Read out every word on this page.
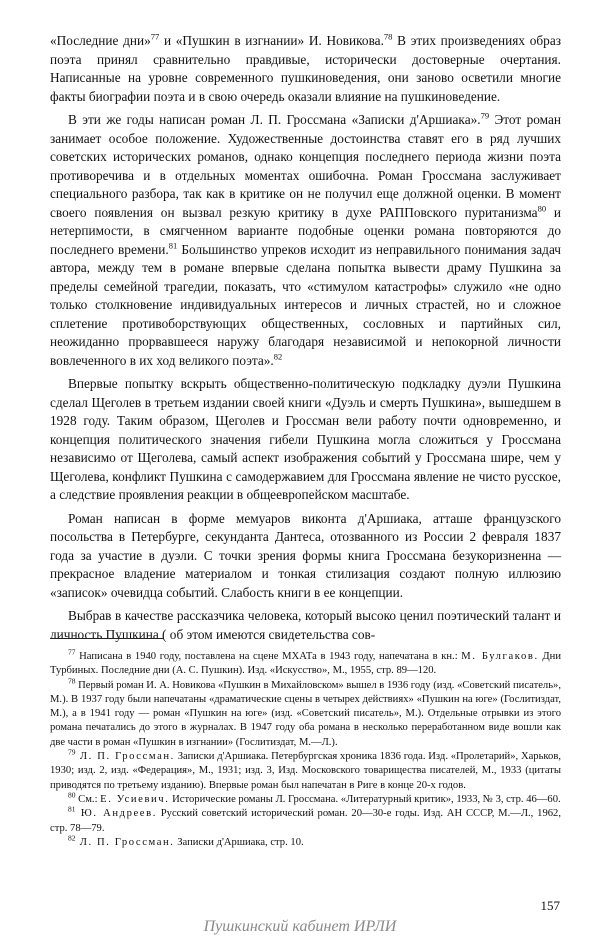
«Последние дни»$^{77}$ и «Пушкин в изгнании» И. Новикова.$^{78}$ В этих произведениях образ поэта принял сравнительно правдивые, исторически достоверные очертания. Написанные на уровне современного пушкиноведения, они заново осветили многие факты биографии поэта и в свою очередь оказали влияние на пушкиноведение.

В эти же годы написан роман Л. П. Гроссмана «Записки д'Аршиака».$^{79}$ Этот роман занимает особое положение. Художественные достоинства ставят его в ряд лучших советских исторических романов, однако концепция последнего периода жизни поэта противоречива и в отдельных моментах ошибочна. Роман Гроссмана заслуживает специального разбора, так как в критике он не получил еще должной оценки. В момент своего появления он вызвал резкую критику в духе РАППовского пуританизма$^{80}$ и нетерпимости, в смягченном варианте подобные оценки романа повторяются до последнего времени.$^{81}$ Большинство упреков исходит из неправильного понимания задач автора, между тем в романе впервые сделана попытка вывести драму Пушкина за пределы семейной трагедии, показать, что «стимулом катастрофы» служило «не одно только столкновение индивидуальных интересов и личных страстей, но и сложное сплетение противоборствующих общественных, сословных и партийных сил, неожиданно прорвавшееся наружу благодаря независимой и непокорной личности вовлеченного в их ход великого поэта».$^{82}$

Впервые попытку вскрыть общественно-политическую подкладку дуэли Пушкина сделал Щеголев в третьем издании своей книги «Дуэль и смерть Пушкина», вышедшем в 1928 году. Таким образом, Щеголев и Гроссман вели работу почти одновременно, и концепция политического значения гибели Пушкина могла сложиться у Гроссмана независимо от Щеголева, самый аспект изображения событий у Гроссмана шире, чем у Щеголева, конфликт Пушкина с самодержавием для Гроссмана явление не чисто русское, а следствие проявления реакции в общеевропейском масштабе.

Роман написан в форме мемуаров виконта д'Аршиака, атташе французского посольства в Петербурге, секунданта Дантеса, отозванного из России 2 февраля 1837 года за участие в дуэли. С точки зрения формы книга Гроссмана безукоризненна — прекрасное владение материалом и тонкая стилизация создают полную иллюзию «записок» очевидца событий. Слабость книги в ее концепции.

Выбрав в качестве рассказчика человека, который высоко ценил поэтический талант и личность Пушкина ( об этом имеются свидетельства сов-

$^{77}$ Написана в 1940 году, поставлена на сцене МХАТа в 1943 году, напечатана в кн.: М. Булгаков. Дни Турбиных. Последние дни (А. С. Пушкин). Изд. «Искусство», М., 1955, стр. 89—120.

$^{78}$ Первый роман И. А. Новикова «Пушкин в Михайловском» вышел в 1936 году (изд. «Советский писатель», М.). В 1937 году были напечатаны «драматические сцены в четырех действиях» «Пушкин на юге» (Гослитиздат, М.), а в 1941 году — роман «Пушкин на юге» (изд. «Советский писатель», М.). Отдельные отрывки из этого романа печатались до этого в журналах. В 1947 году оба романа в несколько переработанном виде вошли как две части в роман «Пушкин в изгнании» (Гослитиздат, М.—Л.).

$^{79}$ Л. П. Гроссман. Записки д'Аршиака. Петербургская хроника 1836 года. Изд. «Пролетарий», Харьков, 1930; изд. 2, изд. «Федерация», М., 1931; изд. 3, Изд. Московского товарищества писателей, М., 1933 (цитаты приводятся по третьему изданию). Впервые роман был напечатан в Риге в конце 20-х годов.

$^{80}$ См.: Е. Усиевич. Исторические романы Л. Гроссмана. «Литературный критик», 1933, № 3, стр. 46—60.

$^{81}$ Ю. Андреев. Русский советский исторический роман. 20—30-е годы. Изд. АН СССР, М.—Л., 1962, стр. 78—79.

$^{82}$ Л. П. Гроссман. Записки д'Аршиака, стр. 10.

157
Пушкинский кабинет ИРЛИ
